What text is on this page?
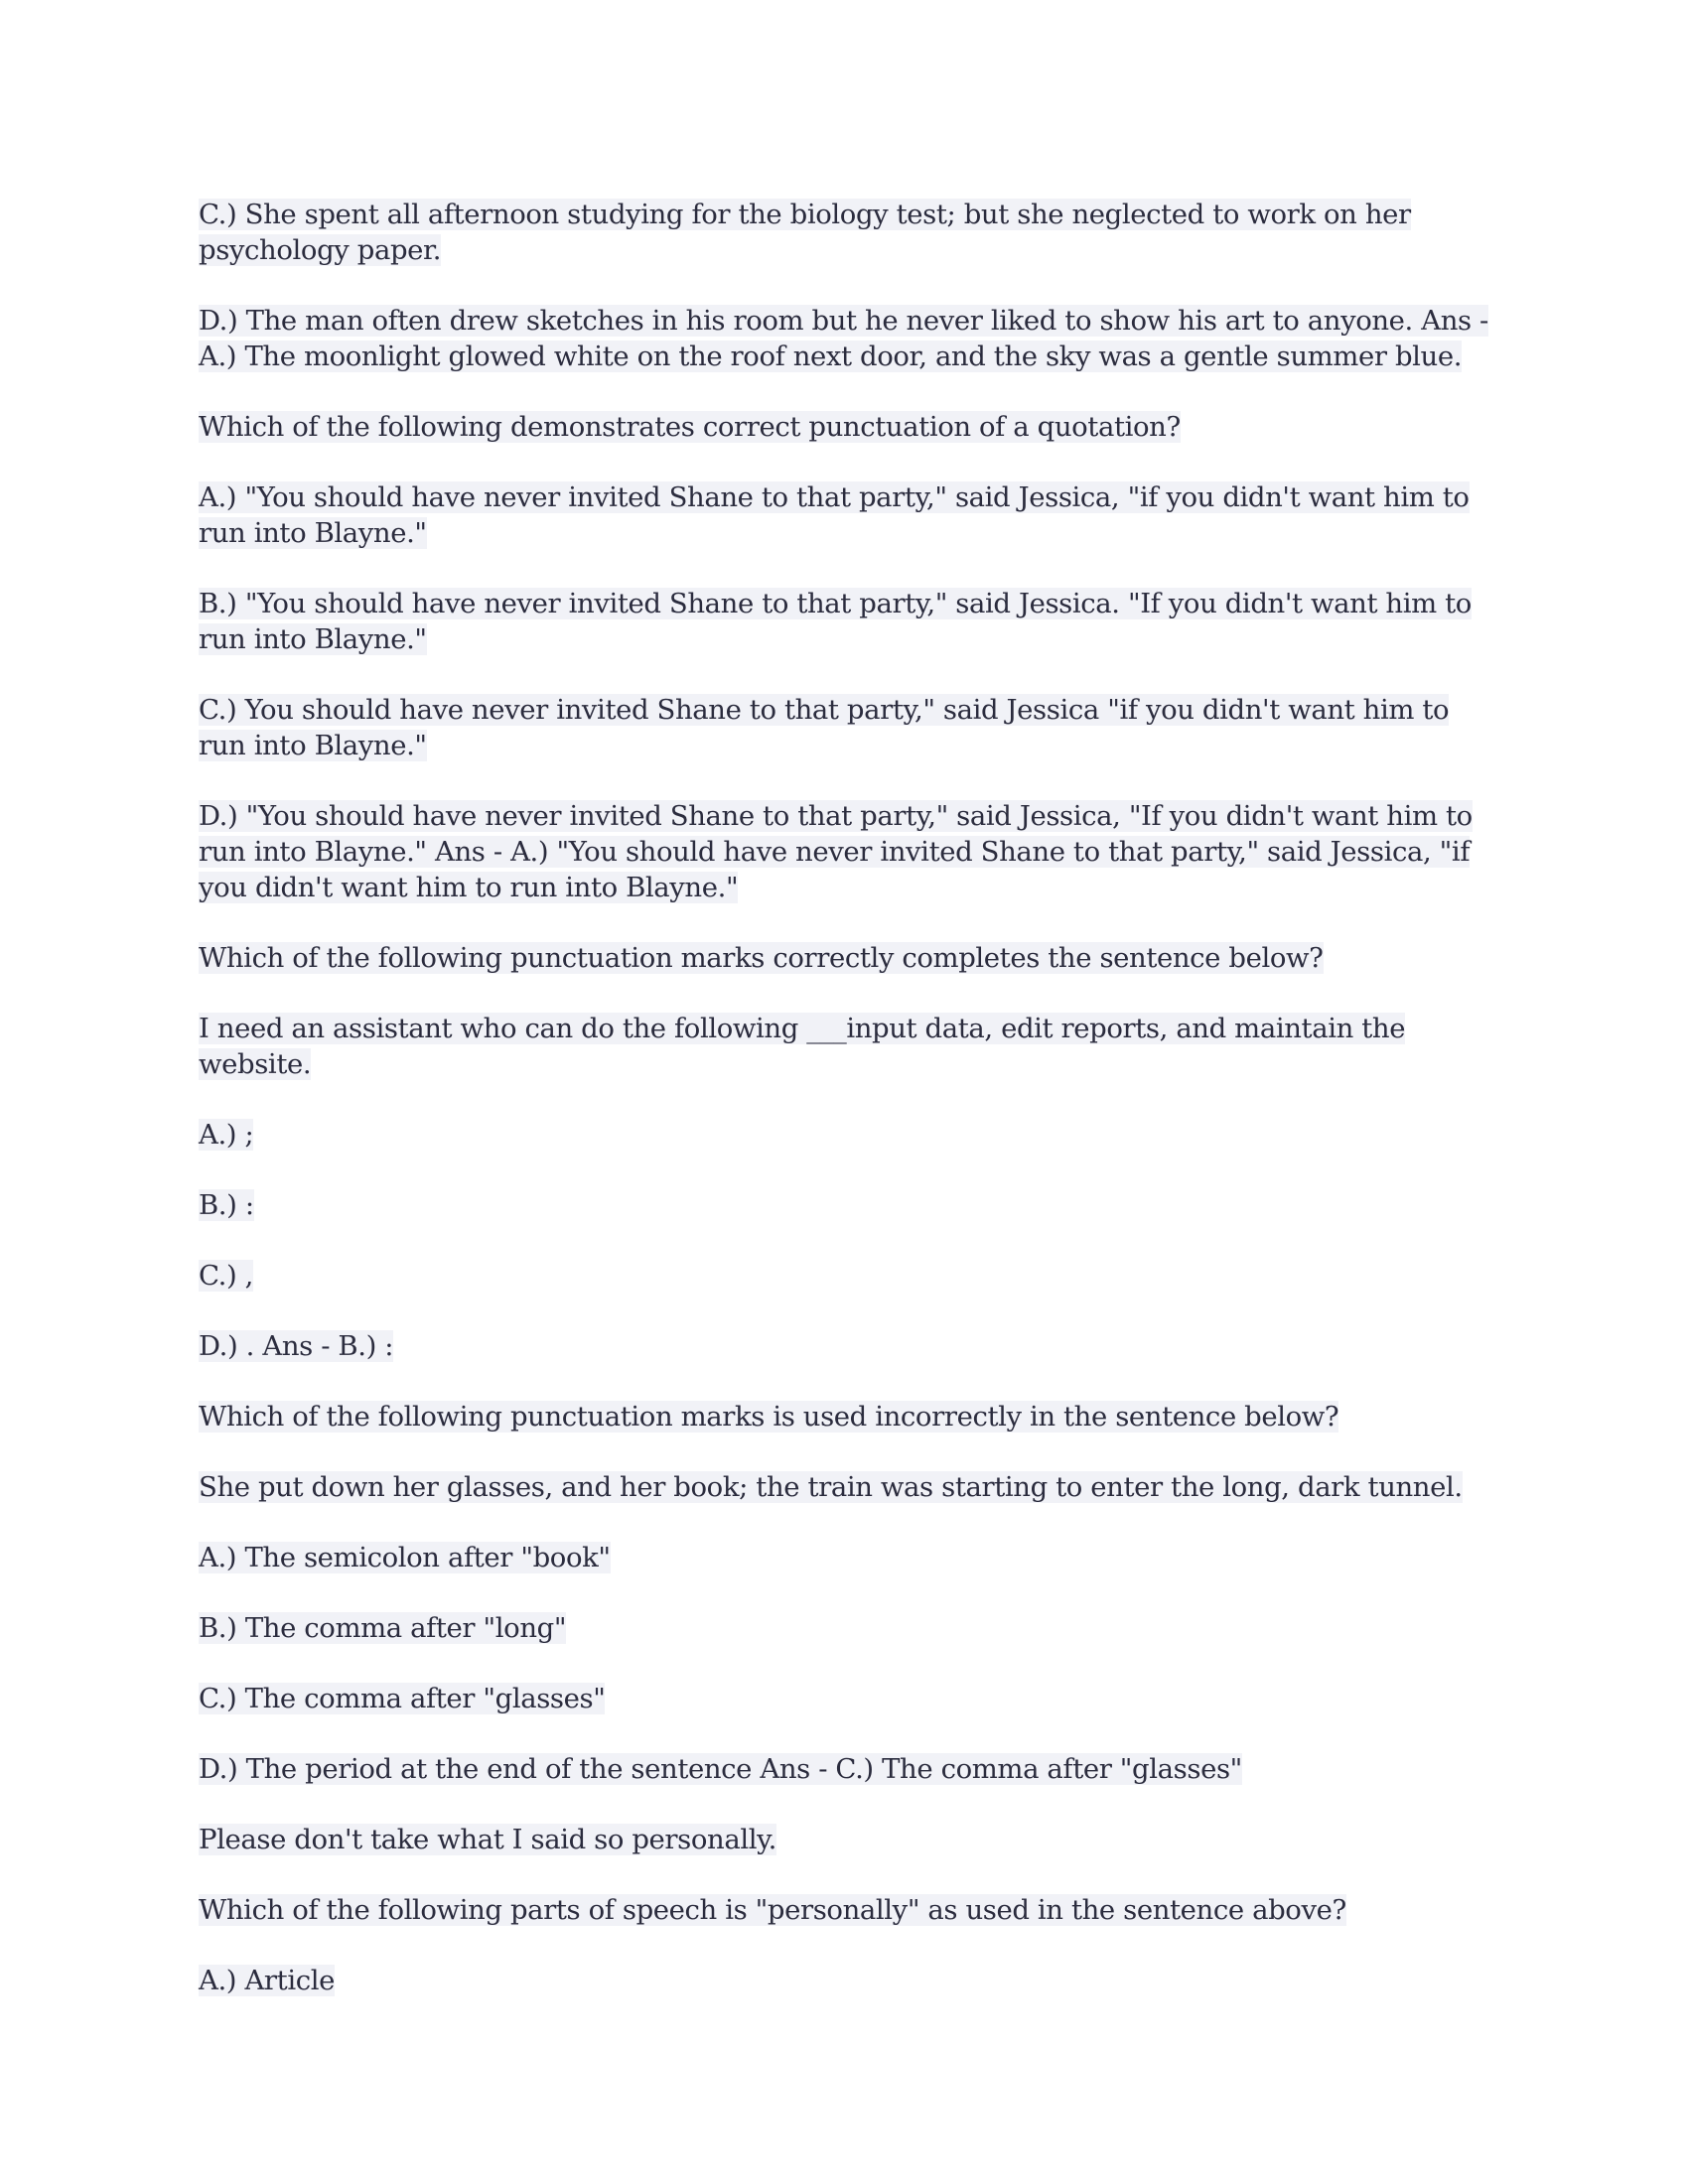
C.) She spent all afternoon studying for the biology test; but she neglected to work on her psychology paper.

D.) The man often drew sketches in his room but he never liked to show his art to anyone. Ans - A.) The moonlight glowed white on the roof next door, and the sky was a gentle summer blue.

Which of the following demonstrates correct punctuation of a quotation?

A.) "You should have never invited Shane to that party," said Jessica, "if you didn't want him to run into Blayne."

B.) "You should have never invited Shane to that party," said Jessica. "If you didn't want him to run into Blayne."

C.) You should have never invited Shane to that party," said Jessica "if you didn't want him to run into Blayne."

D.) "You should have never invited Shane to that party," said Jessica, "If you didn't want him to run into Blayne." Ans - A.) "You should have never invited Shane to that party," said Jessica, "if you didn't want him to run into Blayne."

Which of the following punctuation marks correctly completes the sentence below?

I need an assistant who can do the following ___input data, edit reports, and maintain the website.

A.) ;

B.) :

C.) ,

D.) . Ans - B.) :

Which of the following punctuation marks is used incorrectly in the sentence below?

She put down her glasses, and her book; the train was starting to enter the long, dark tunnel.

A.) The semicolon after "book"

B.) The comma after "long"

C.) The comma after "glasses"

D.) The period at the end of the sentence Ans - C.) The comma after "glasses"

Please don't take what I said so personally.

Which of the following parts of speech is "personally" as used in the sentence above?

A.) Article
